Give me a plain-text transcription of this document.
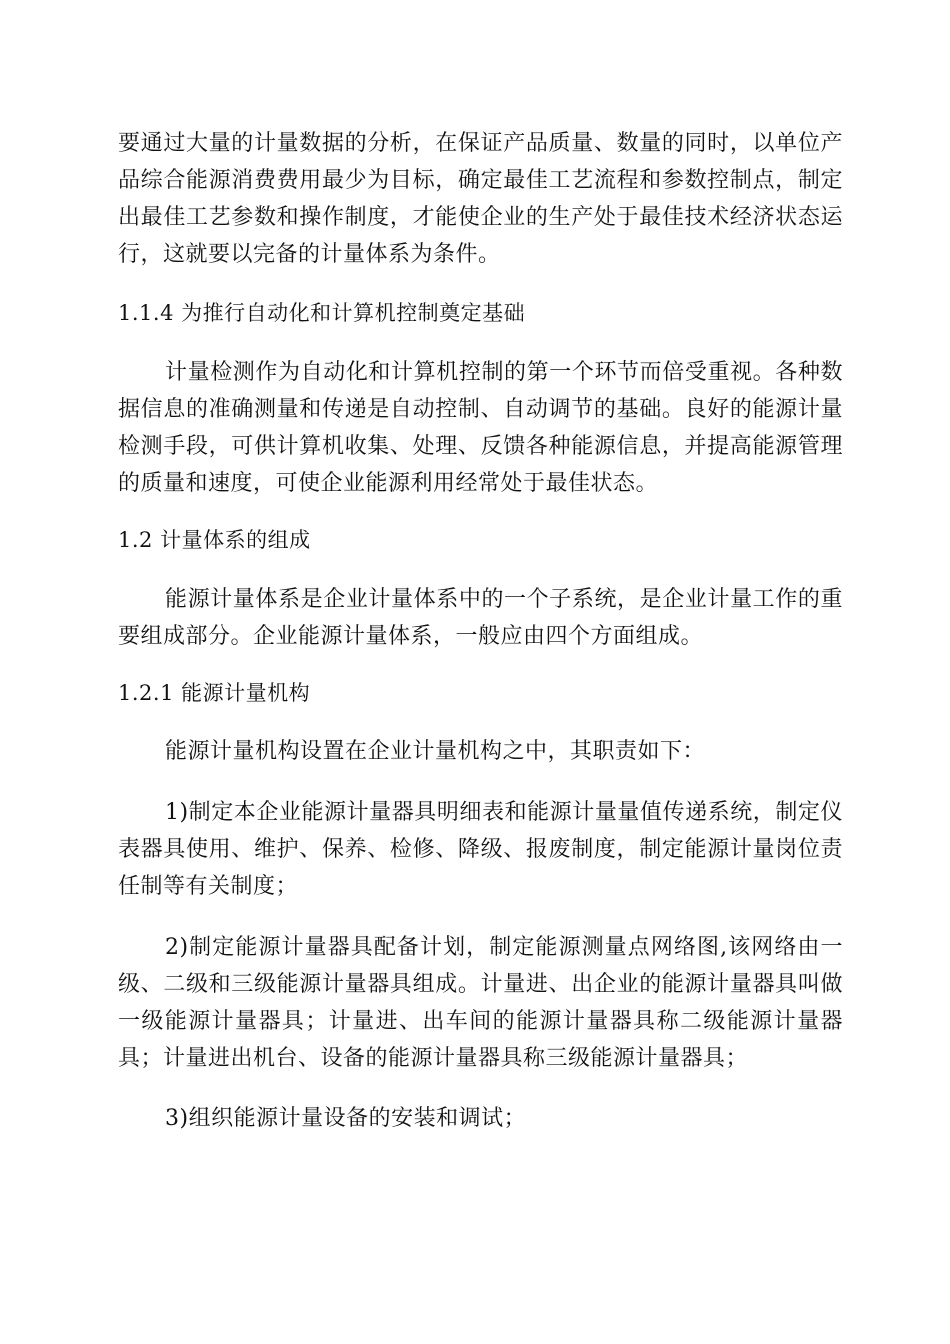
要通过大量的计量数据的分析，在保证产品质量、数量的同时，以单位产品综合能源消费费用最少为目标，确定最佳工艺流程和参数控制点，制定出最佳工艺参数和操作制度，才能使企业的生产处于最佳技术经济状态运行，这就要以完备的计量体系为条件。

1.1.4 为推行自动化和计算机控制奠定基础

计量检测作为自动化和计算机控制的第一个环节而倍受重视。各种数据信息的准确测量和传递是自动控制、自动调节的基础。良好的能源计量检测手段，可供计算机收集、处理、反馈各种能源信息，并提高能源管理的质量和速度，可使企业能源利用经常处于最佳状态。

1.2 计量体系的组成

能源计量体系是企业计量体系中的一个子系统，是企业计量工作的重要组成部分。企业能源计量体系，一般应由四个方面组成。

1.2.1 能源计量机构

能源计量机构设置在企业计量机构之中，其职责如下：

1)制定本企业能源计量器具明细表和能源计量量值传递系统，制定仪表器具使用、维护、保养、检修、降级、报废制度，制定能源计量岗位责任制等有关制度；

2)制定能源计量器具配备计划，制定能源测量点网络图,该网络由一级、二级和三级能源计量器具组成。计量进、出企业的能源计量器具叫做一级能源计量器具；计量进、出车间的能源计量器具称二级能源计量器具；计量进出机台、设备的能源计量器具称三级能源计量器具；

3)组织能源计量设备的安装和调试；
